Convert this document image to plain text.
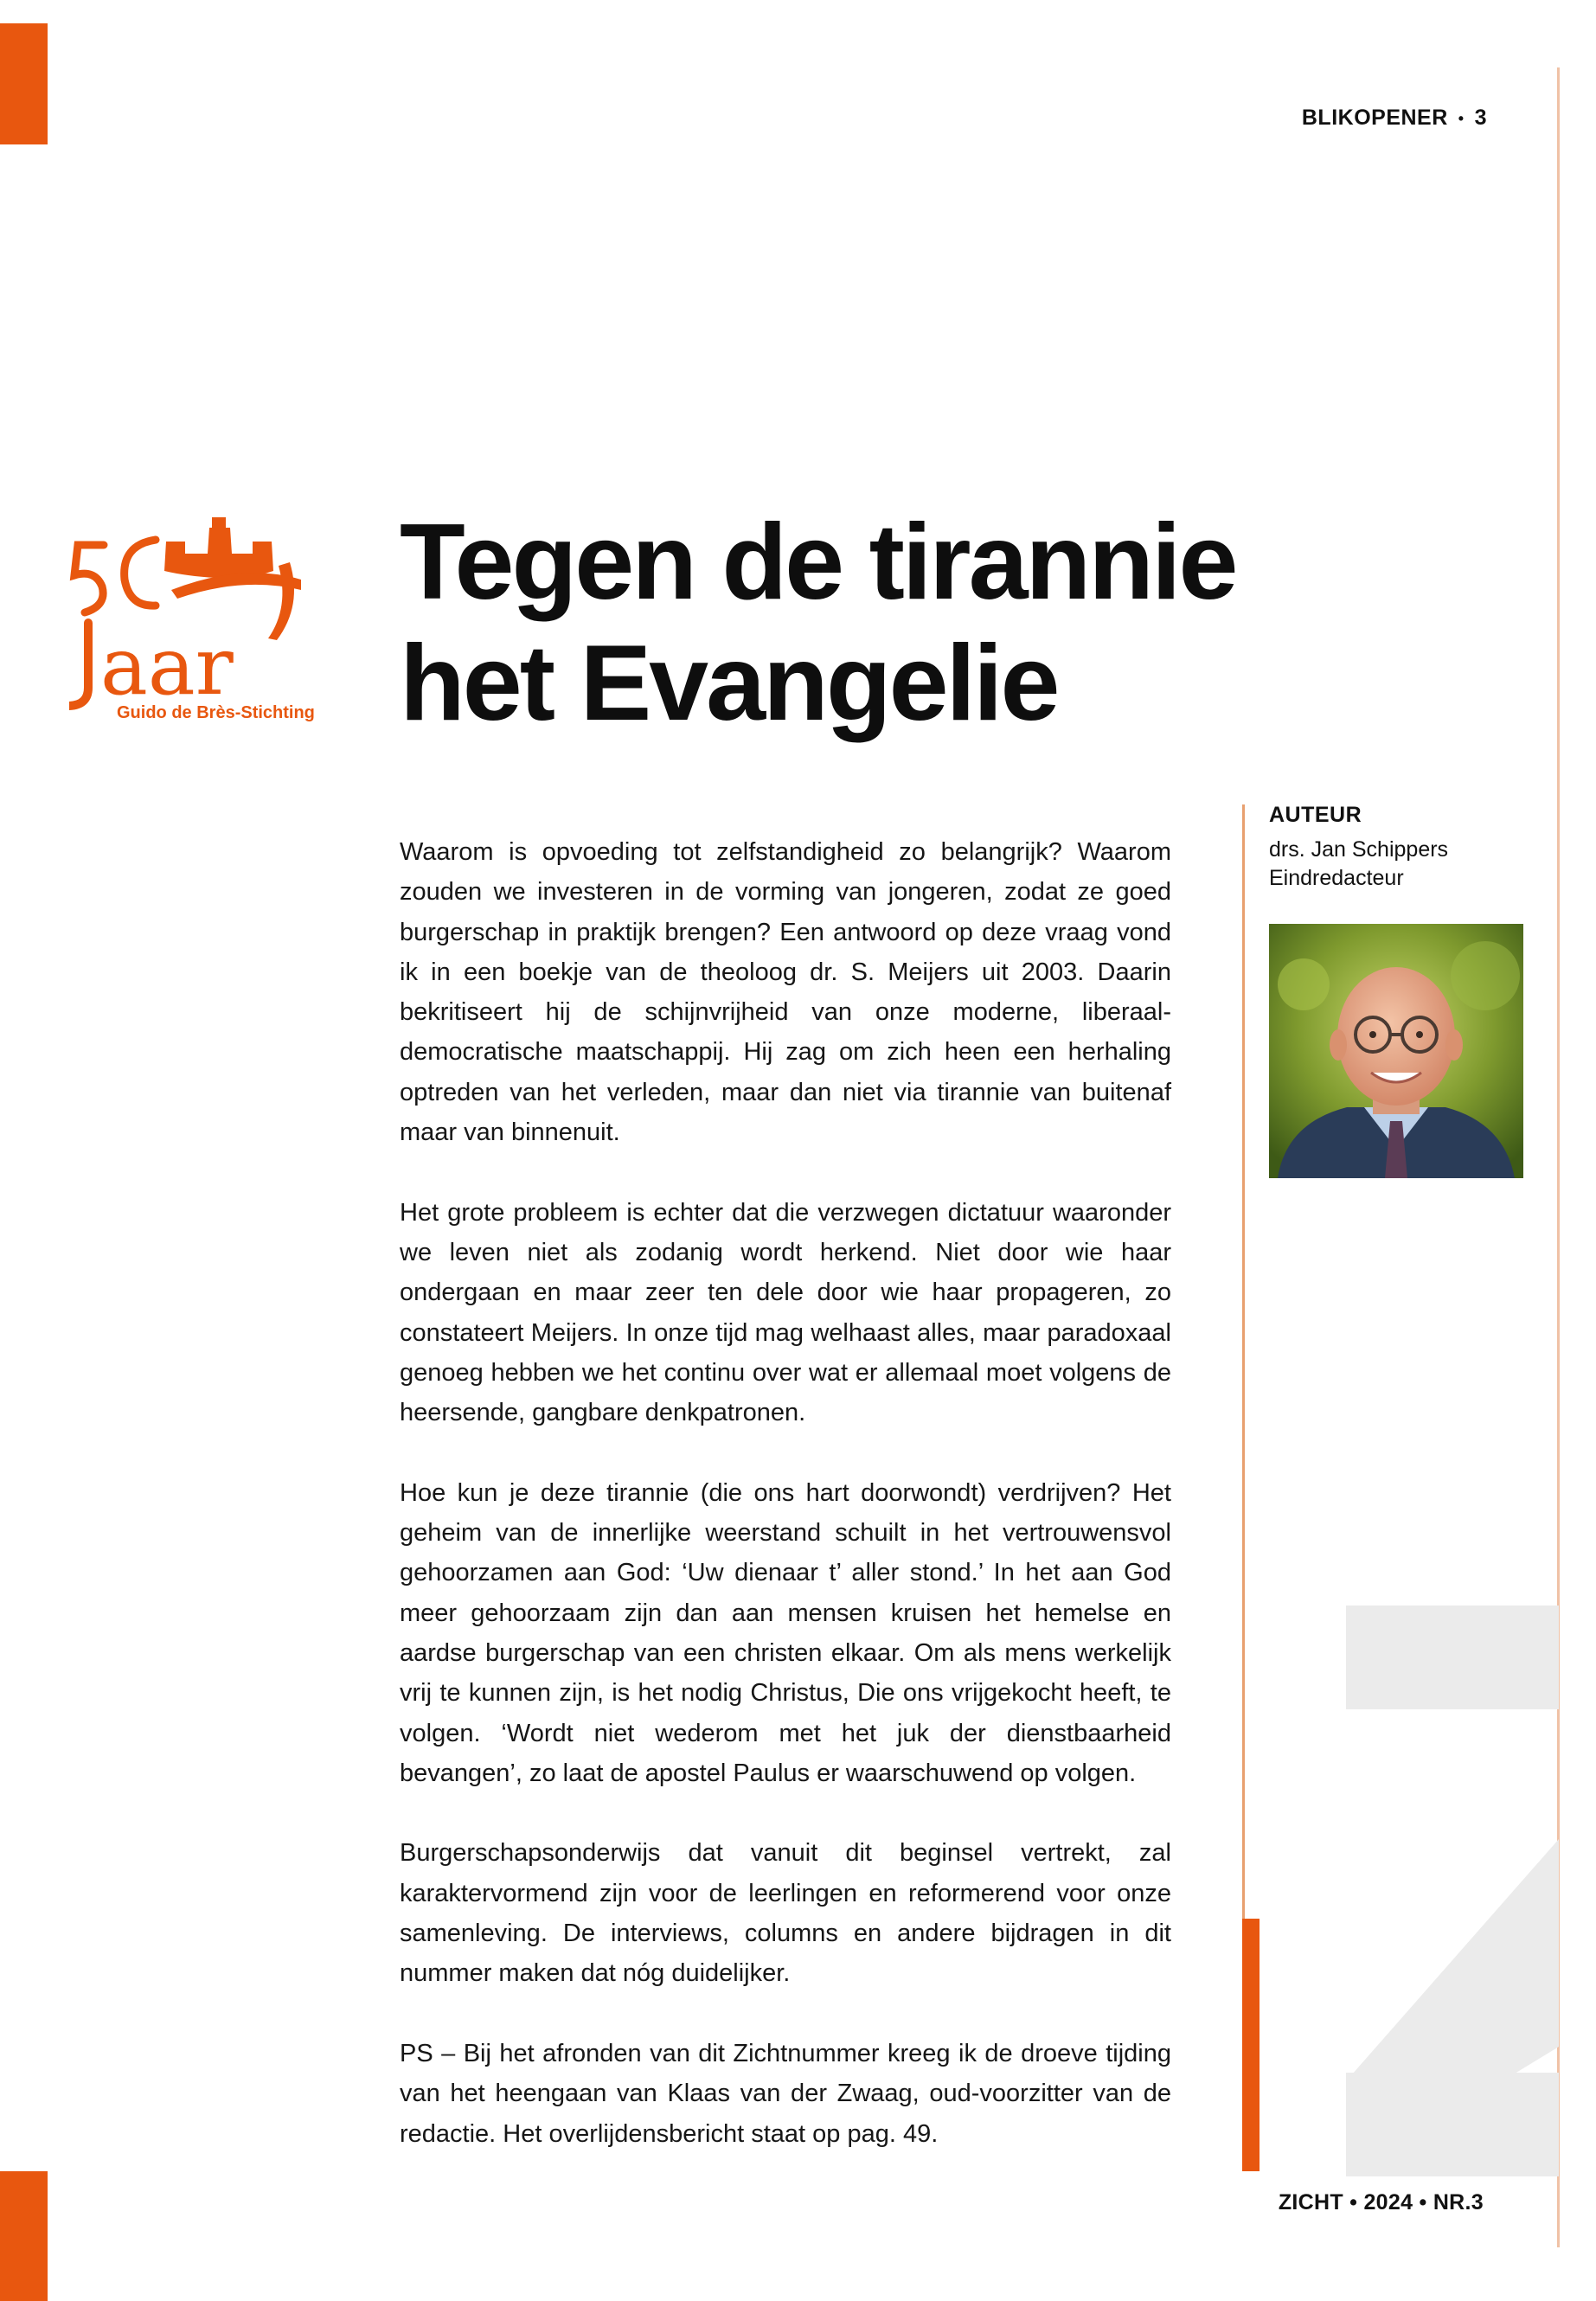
BLIKOPENER • 3
aar
Guido de Brès-Stichting
Tegen de tirannie
het Evangelie
AUTEUR
drs. Jan Schippers
Eindredacteur

Waarom is opvoeding tot zelfstandigheid zo belangrijk? Waarom zouden we investeren in de vorming van jongeren, zodat ze goed burgerschap in praktijk brengen? Een antwoord op deze vraag vond ik in een boekje van de theoloog dr. S. Meijers uit 2003. Daarin bekritiseert hij de schijnvrijheid van onze moderne, liberaal-democratische maatschappij. Hij zag om zich heen een herhaling optreden van het verleden, maar dan niet via tirannie van buitenaf maar van binnenuit.

Het grote probleem is echter dat die verzwegen dictatuur waaronder we leven niet als zodanig wordt herkend. Niet door wie haar ondergaan en maar zeer ten dele door wie haar propageren, zo constateert Meijers. In onze tijd mag welhaast alles, maar paradoxaal genoeg hebben we het continu over wat er allemaal moet volgens de heersende, gangbare denkpatronen.

Hoe kun je deze tirannie (die ons hart doorwondt) verdrijven? Het geheim van de innerlijke weerstand schuilt in het vertrouwensvol gehoorzamen aan God: ‘Uw dienaar t’ aller stond.’ In het aan God meer gehoorzaam zijn dan aan mensen kruisen het hemelse en aardse burgerschap van een christen elkaar. Om als mens werkelijk vrij te kunnen zijn, is het nodig Christus, Die ons vrijgekocht heeft, te volgen. ‘Wordt niet wederom met het juk der dienstbaarheid bevangen’, zo laat de apostel Paulus er waarschuwend op volgen.

Burgerschapsonderwijs dat vanuit dit beginsel vertrekt, zal karaktervormend zijn voor de leerlingen en reformerend voor onze samenleving. De interviews, columns en andere bijdragen in dit nummer maken dat nóg duidelijker.

PS – Bij het afronden van dit Zichtnummer kreeg ik de droeve tijding van het heengaan van Klaas van der Zwaag, oud-voorzitter van de redactie. Het overlijdensbericht staat op pag. 49.

ZICHT • 2024 • NR.3
